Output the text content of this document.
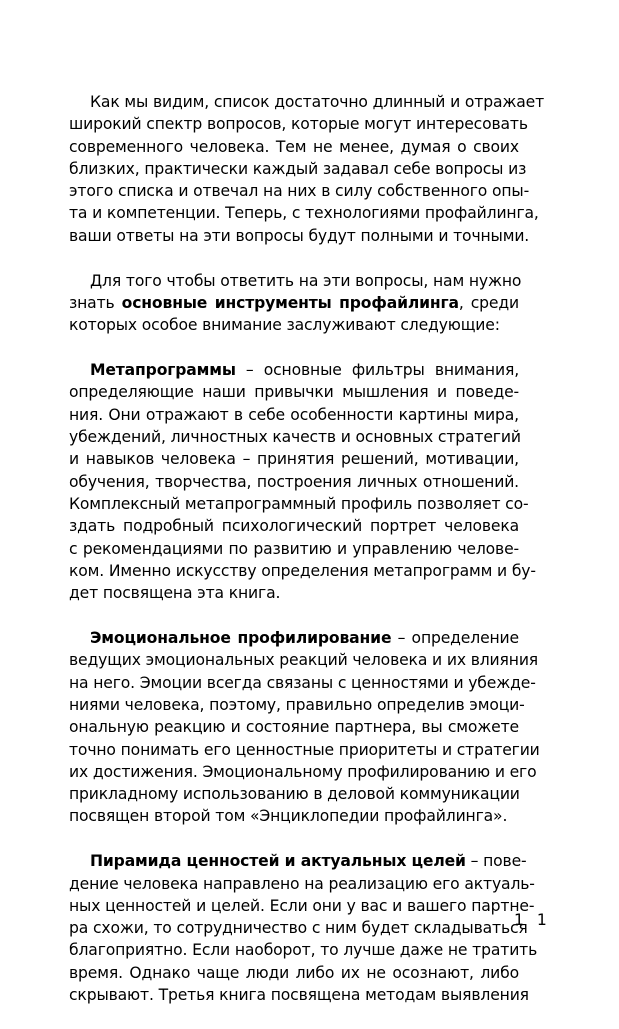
Как мы видим, список достаточно длинный и отражает
широкий спектр вопросов, которые могут интересовать
современного человека. Тем не менее, думая о своих
близких, практически каждый задавал себе вопросы из
этого списка и отвечал на них в силу собственного опы-
та и компетенции. Теперь, с технологиями профайлинга,
ваши ответы на эти вопросы будут полными и точными.

Для того чтобы ответить на эти вопросы, нам нужно
знать основные инструменты профайлинга, среди
которых особое внимание заслуживают следующие:

Метапрограммы – основные фильтры внимания,
определяющие наши привычки мышления и поведе-
ния. Они отражают в себе особенности картины мира,
убеждений, личностных качеств и основных стратегий
и навыков человека – принятия решений, мотивации,
обучения, творчества, построения личных отношений.
Комплексный метапрограммный профиль позволяет со-
здать подробный психологический портрет человека
с рекомендациями по развитию и управлению челове-
ком. Именно искусству определения метапрограмм и бу-
дет посвящена эта книга.

Эмоциональное профилирование – определение
ведущих эмоциональных реакций человека и их влияния
на него. Эмоции всегда связаны с ценностями и убежде-
ниями человека, поэтому, правильно определив эмоци-
ональную реакцию и состояние партнера, вы сможете
точно понимать его ценностные приоритеты и стратегии
их достижения. Эмоциональному профилированию и его
прикладному использованию в деловой коммуникации
посвящен второй том «Энциклопедии профайлинга».

Пирамида ценностей и актуальных целей – пове-
дение человека направлено на реализацию его актуаль-
ных ценностей и целей. Если они у вас и вашего партне-
ра схожи, то сотрудничество с ним будет складываться
благоприятно. Если наоборот, то лучше даже не тратить
время. Однако чаще люди либо их не осознают, либо
скрывают. Третья книга посвящена методам выявления

1 1
